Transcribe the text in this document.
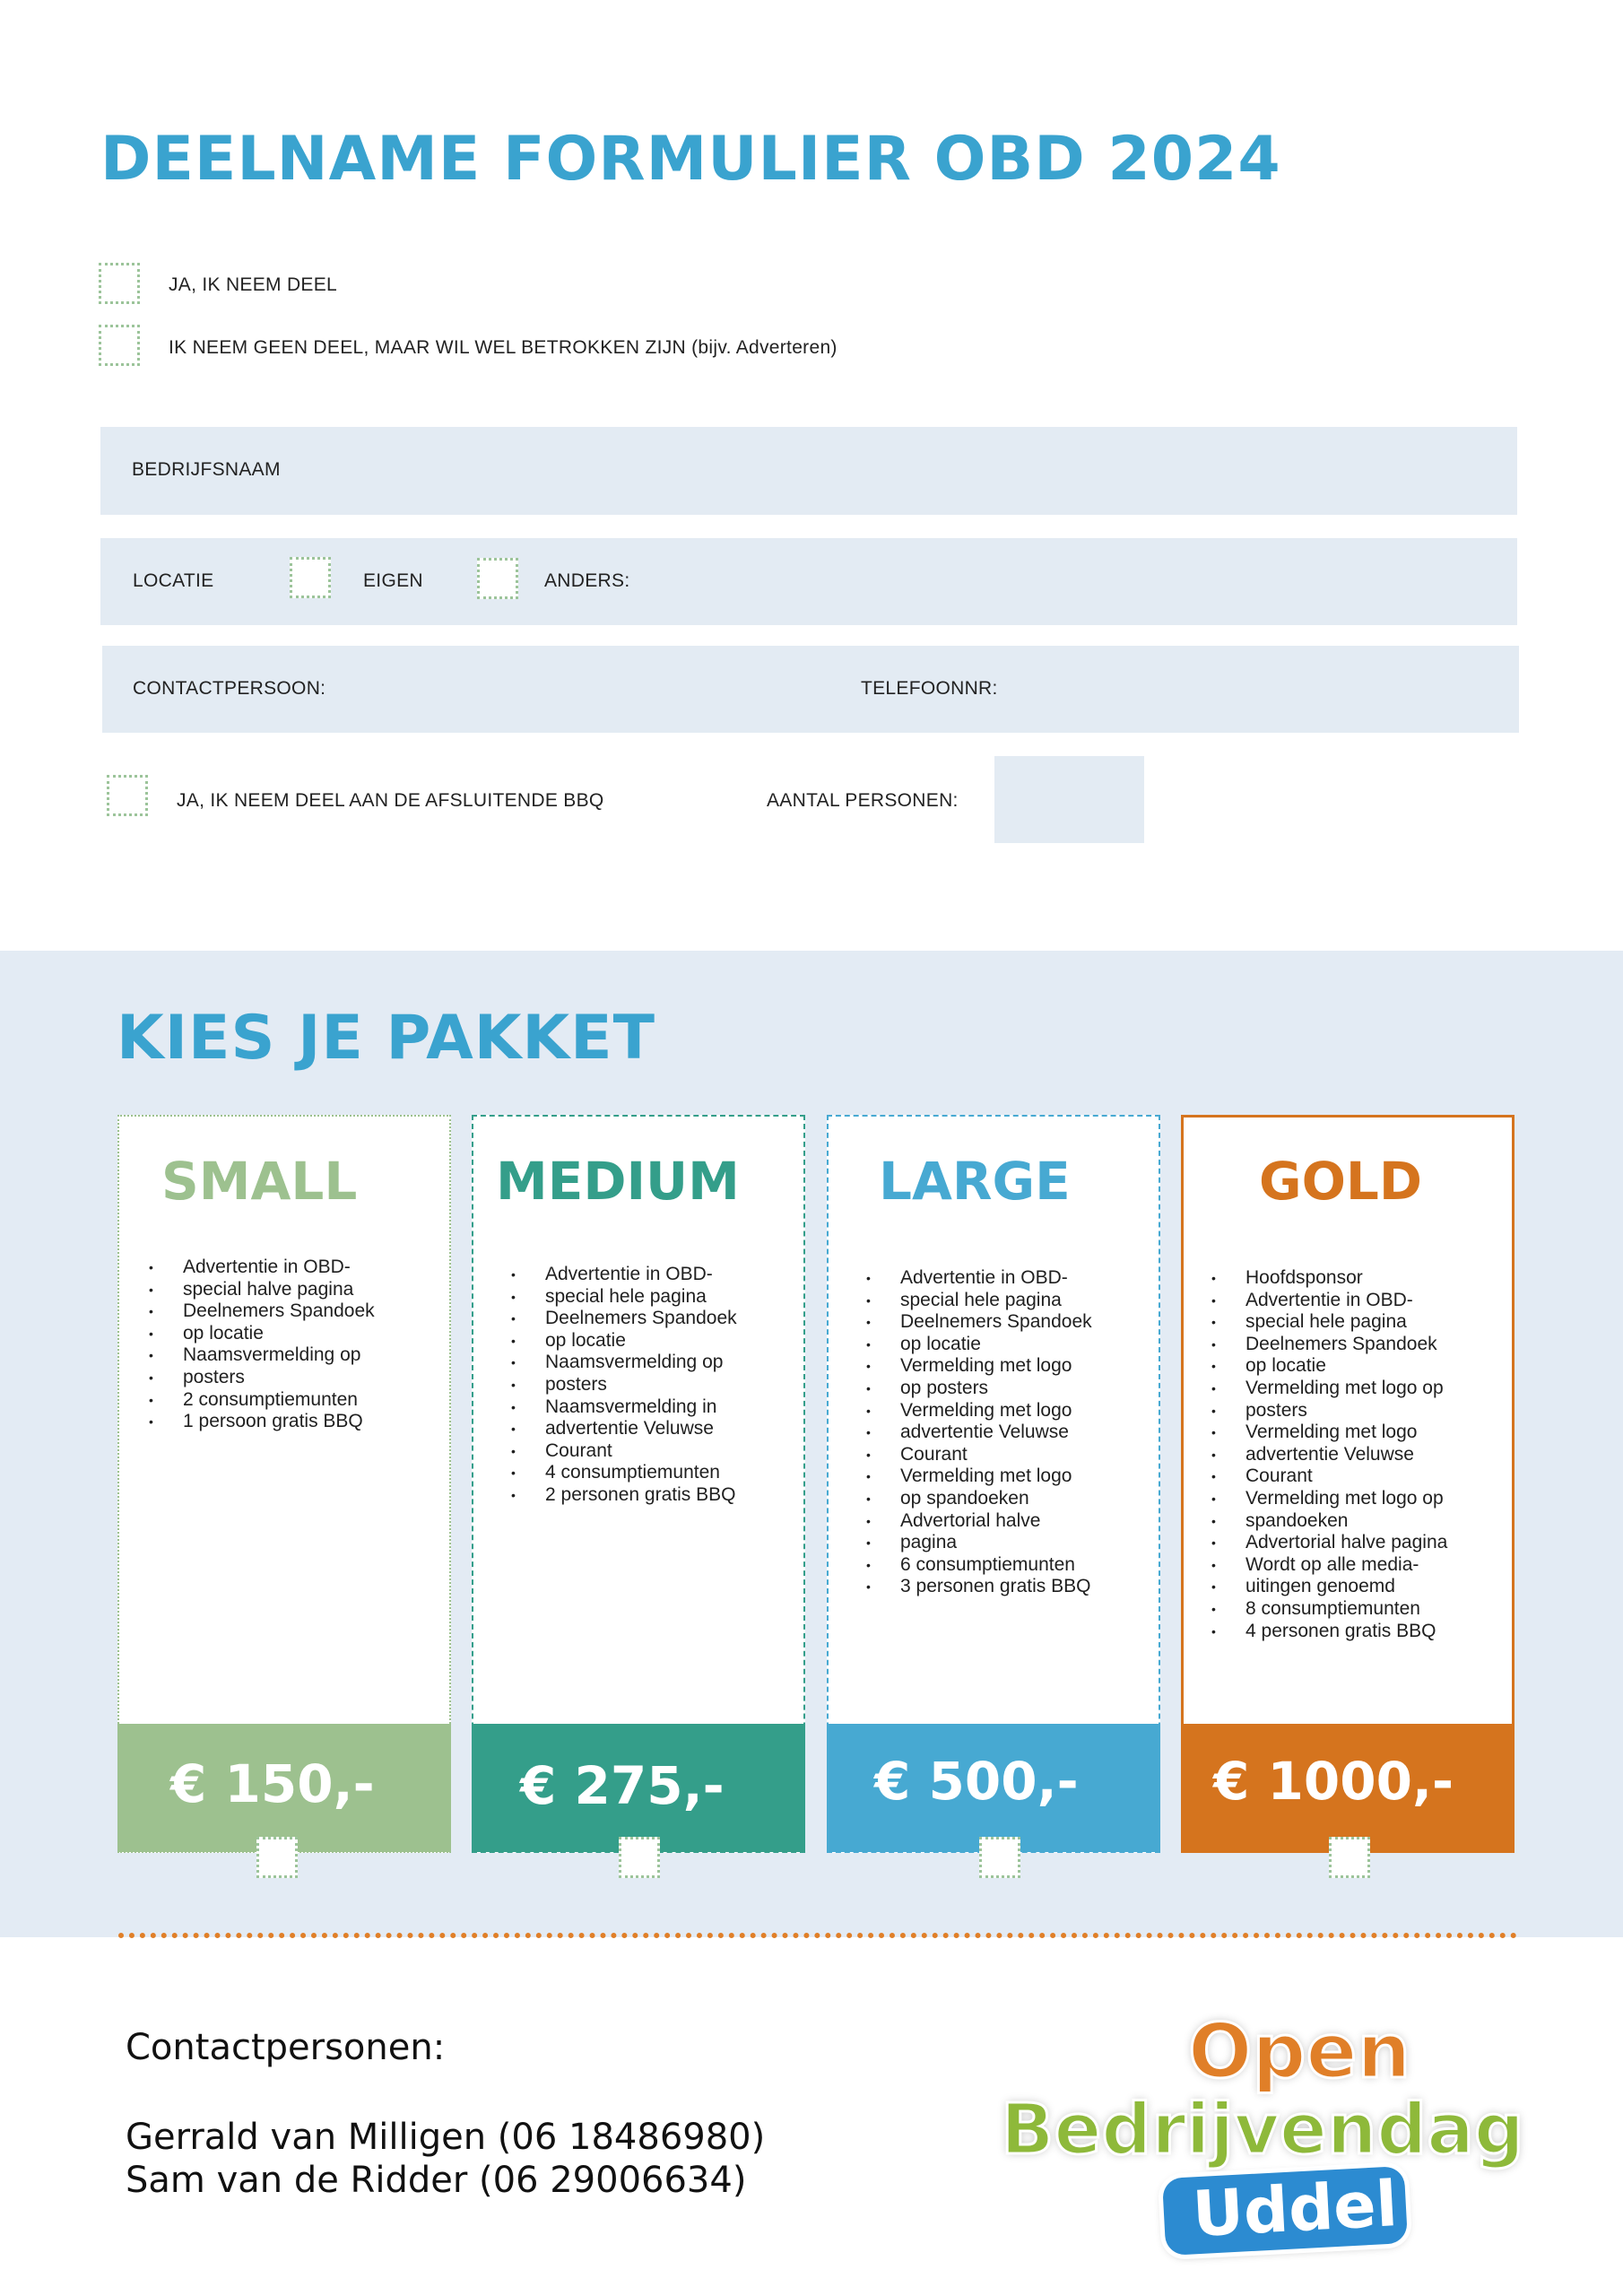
DEELNAME FORMULIER OBD 2024
JA, IK NEEM DEEL
IK NEEM GEEN DEEL, MAAR WIL WEL BETROKKEN ZIJN (bijv. Adverteren)
BEDRIJFSNAAM
LOCATIE	EIGEN	ANDERS:
CONTACTPERSOON:	TELEFOONNR:
JA, IK NEEM DEEL AAN DE AFSLUITENDE BBQ	AANTAL PERSONEN:
KIES JE PAKKET
SMALL
• Advertentie in OBD-
• special halve pagina
• Deelnemers Spandoek
• op locatie
• Naamsvermelding op
• posters
• 2 consumptiemunten
• 1 persoon gratis BBQ
€ 150,-
MEDIUM
• Advertentie in OBD-
• special hele pagina
• Deelnemers Spandoek
• op locatie
• Naamsvermelding op
• posters
• Naamsvermelding in
• advertentie Veluwse
• Courant
• 4 consumptiemunten
• 2 personen gratis BBQ
€ 275,-
LARGE
• Advertentie in OBD-
• special hele pagina
• Deelnemers Spandoek
• op locatie
• Vermelding met logo
• op posters
• Vermelding met logo
• advertentie Veluwse
• Courant
• Vermelding met logo
• op spandoeken
• Advertorial halve
• pagina
• 6 consumptiemunten
• 3 personen gratis BBQ
€ 500,-
GOLD
• Hoofdsponsor
• Advertentie in OBD-
• special hele pagina
• Deelnemers Spandoek
• op locatie
• Vermelding met logo op
• posters
• Vermelding met logo
• advertentie Veluwse
• Courant
• Vermelding met logo op
• spandoeken
• Advertorial halve pagina
• Wordt op alle media-
• uitingen genoemd
• 8 consumptiemunten
• 4 personen gratis BBQ
€ 1000,-
Contactpersonen:
Gerrald van Milligen (06 18486980)
Sam van de Ridder (06 29006634)
Open
Bedrijvendag
Uddel
